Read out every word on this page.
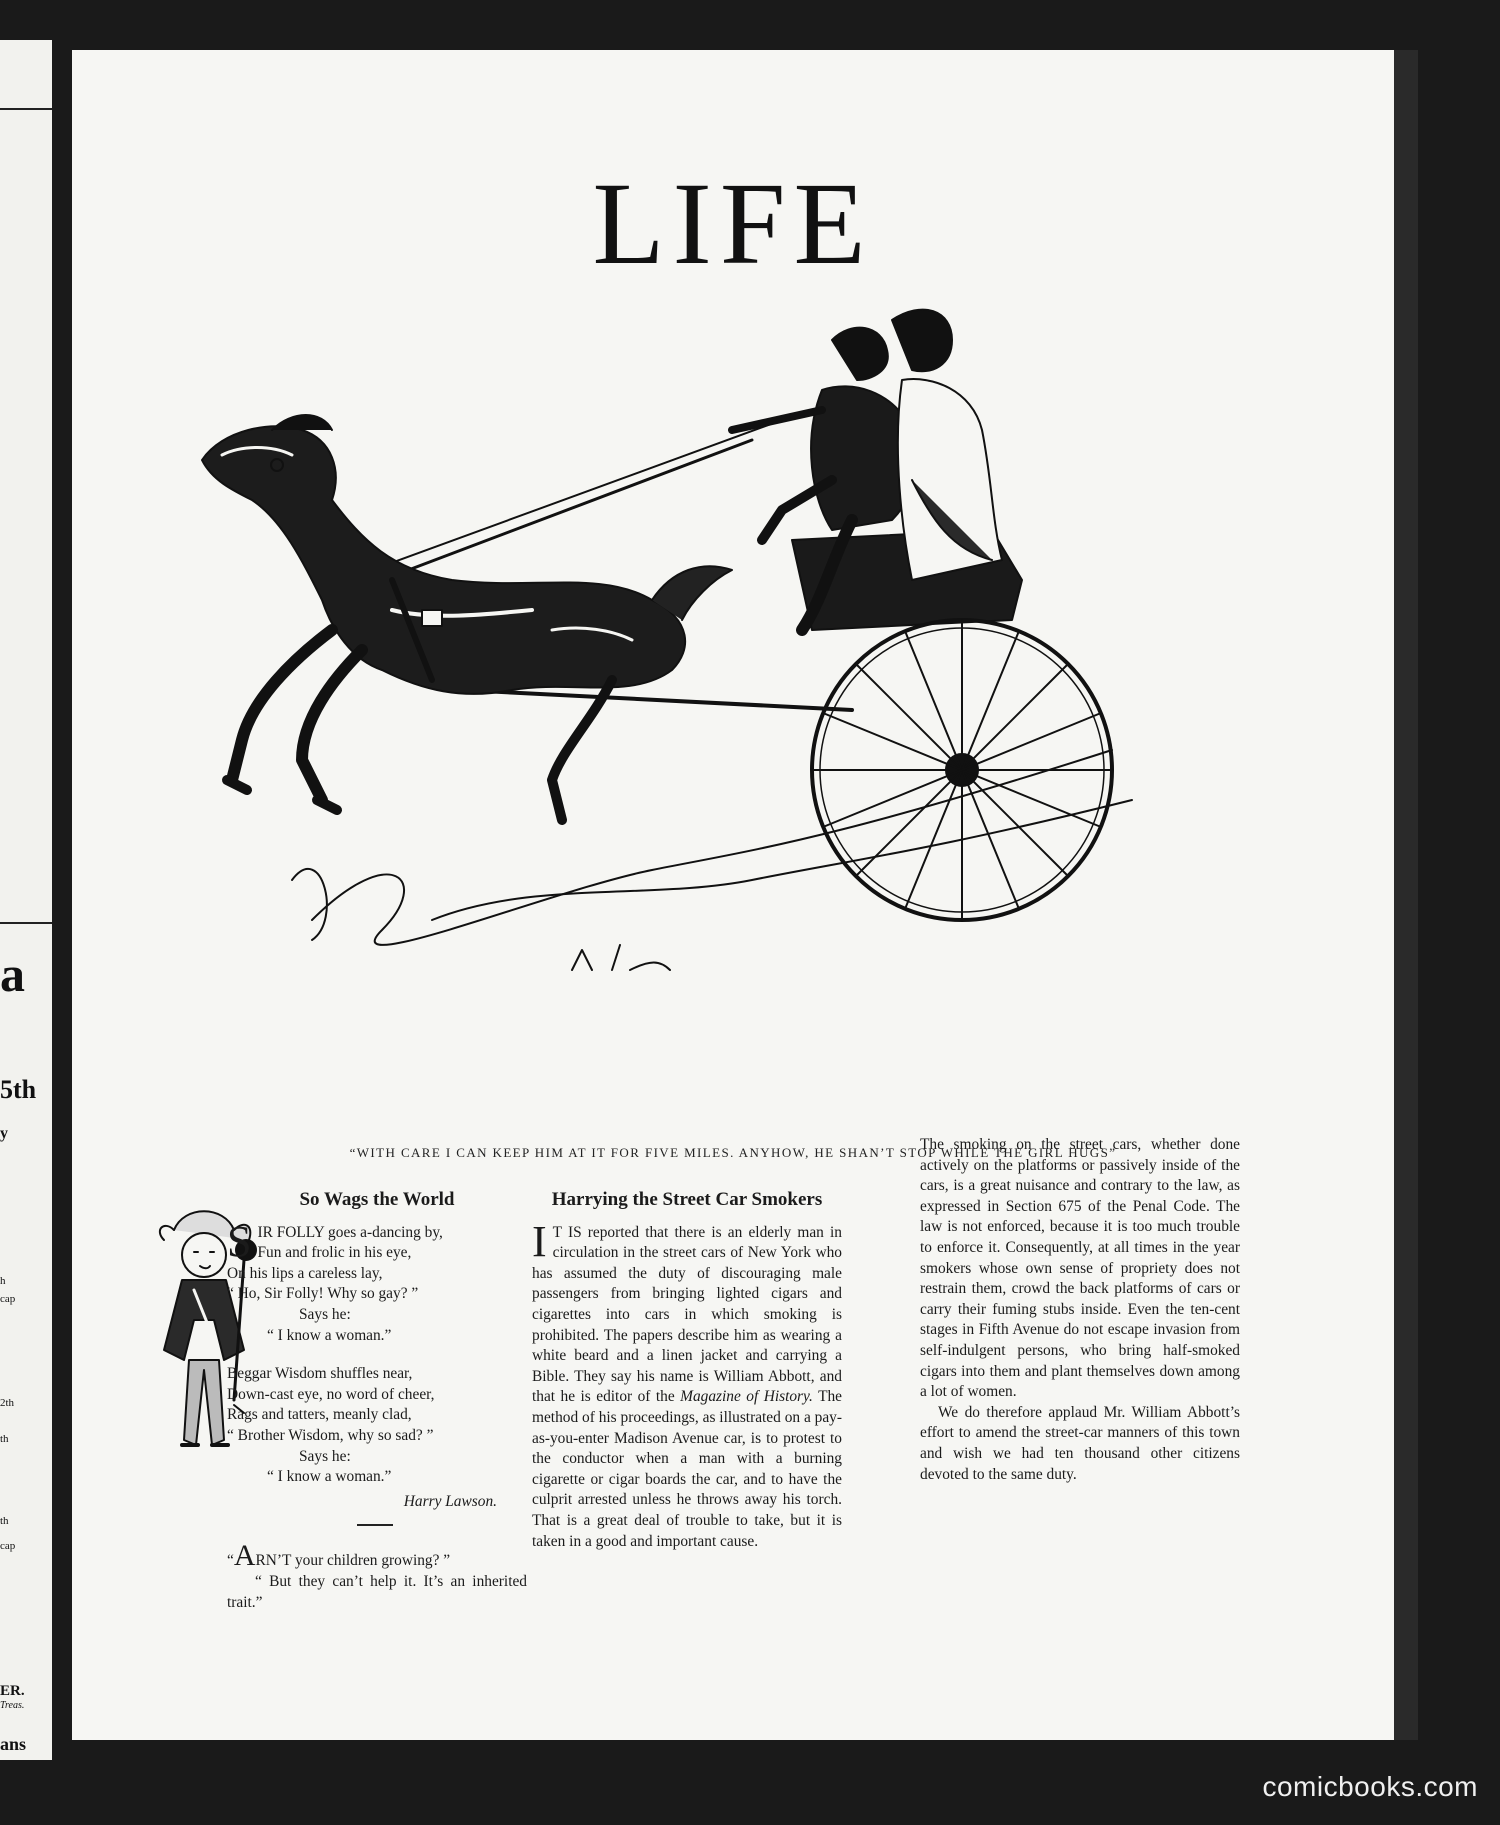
a
5th
y
h
cap
2th
th
th
cap
ER.
Treas.
ans
LIFE
“WITH CARE I CAN KEEP HIM AT IT FOR FIVE MILES. ANYHOW, HE SHAN’T STOP WHILE THE GIRL HUGS”
So Wags the World
S IR FOLLY goes a-dancing by,
Fun and frolic in his eye,
On his lips a careless lay,
“ Ho, Sir Folly! Why so gay? ”
Says he:
“ I know a woman.”
Beggar Wisdom shuffles near,
Down-cast eye, no word of cheer,
Rags and tatters, meanly clad,
“ Brother Wisdom, why so sad? ”
Says he:
“ I know a woman.”
Harry Lawson.
“ARN’T your children growing? ”
“ But they can’t help it. It’s an inherited trait.”
Harrying the Street Car Smokers

I T IS reported that there is an elderly man in circulation in the street cars of New York who has assumed the duty of discouraging male passengers from bringing lighted cigars and cigarettes into cars in which smoking is prohibited. The papers describe him as wearing a white beard and a linen jacket and carrying a Bible. They say his name is William Abbott, and that he is editor of the Magazine of History. The method of his proceedings, as illustrated on a pay-as-you-enter Madison Avenue car, is to protest to the conductor when a man with a burning cigarette or cigar boards the car, and to have the culprit arrested unless he throws away his torch. That is a great deal of trouble to take, but it is taken in a good and important cause.

The smoking on the street cars, whether done actively on the platforms or passively inside of the cars, is a great nuisance and contrary to the law, as expressed in Section 675 of the Penal Code. The law is not enforced, because it is too much trouble to enforce it. Consequently, at all times in the year smokers whose own sense of propriety does not restrain them, crowd the back platforms of cars or carry their fuming stubs inside. Even the ten-cent stages in Fifth Avenue do not escape invasion from self-indulgent persons, who bring half-smoked cigars into them and plant themselves down among a lot of women.

We do therefore applaud Mr. William Abbott’s effort to amend the street-car manners of this town and wish we had ten thousand other citizens devoted to the same duty.

comicbooks.com
